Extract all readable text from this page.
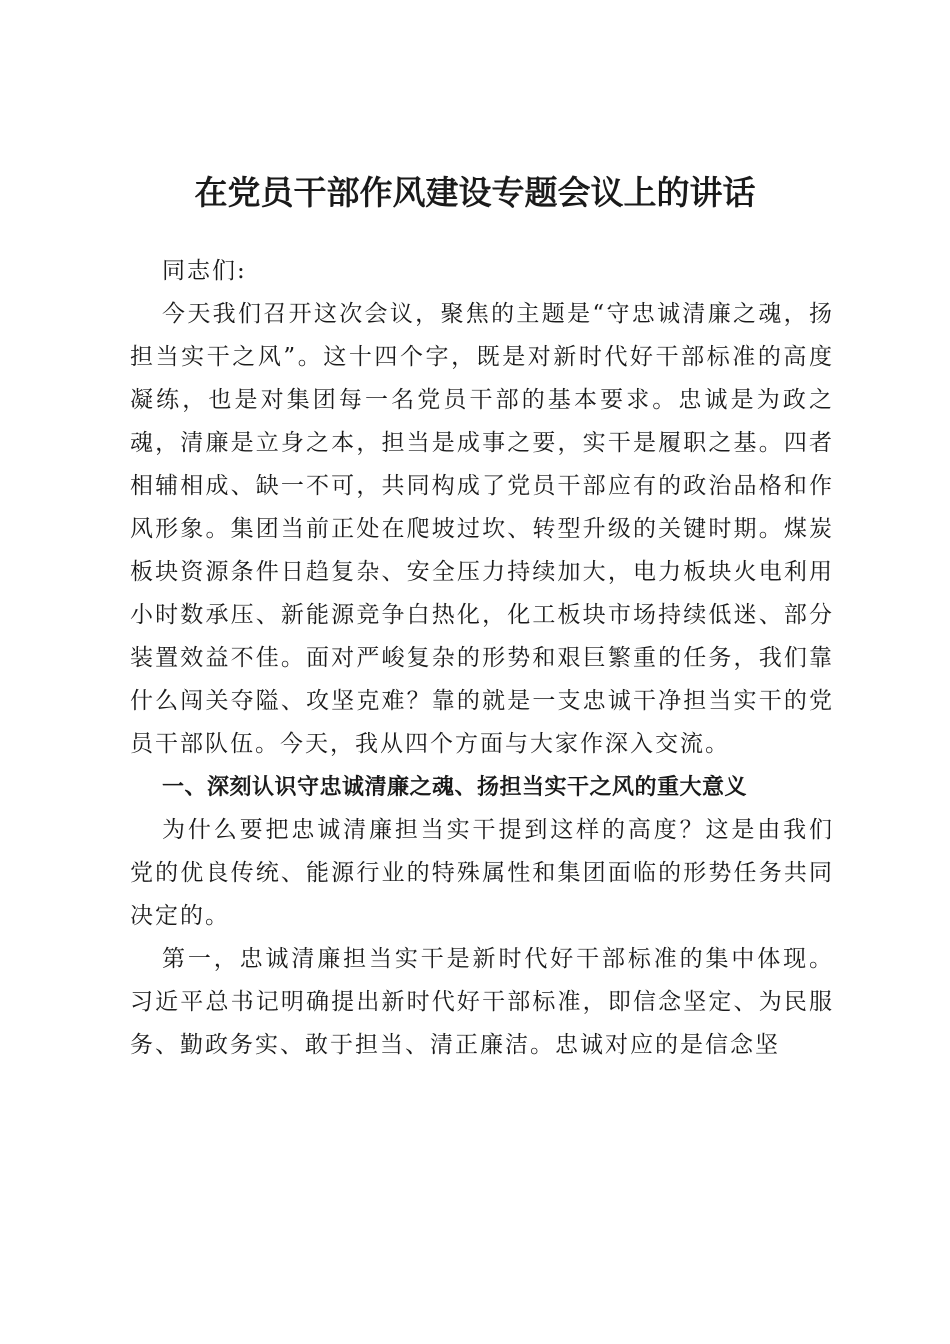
在党员干部作风建设专题会议上的讲话

同志们:

今天我们召开这次会议，聚焦的主题是“守忠诚清廉之魂，扬担当实干之风”。这十四个字，既是对新时代好干部标准的高度凝练，也是对集团每一名党员干部的基本要求。忠诚是为政之魂，清廉是立身之本，担当是成事之要，实干是履职之基。四者相辅相成、缺一不可，共同构成了党员干部应有的政治品格和作风形象。集团当前正处在爬坡过坎、转型升级的关键时期。煤炭板块资源条件日趋复杂、安全压力持续加大，电力板块火电利用小时数承压、新能源竞争白热化，化工板块市场持续低迷、部分装置效益不佳。面对严峻复杂的形势和艰巨繁重的任务，我们靠什么闯关夺隘、攻坚克难？靠的就是一支忠诚干净担当实干的党员干部队伍。今天，我从四个方面与大家作深入交流。

一、深刻认识守忠诚清廉之魂、扬担当实干之风的重大意义

为什么要把忠诚清廉担当实干提到这样的高度？这是由我们党的优良传统、能源行业的特殊属性和集团面临的形势任务共同决定的。

第一，忠诚清廉担当实干是新时代好干部标准的集中体现。习近平总书记明确提出新时代好干部标准，即信念坚定、为民服务、勤政务实、敢于担当、清正廉洁。忠诚对应的是信念坚
